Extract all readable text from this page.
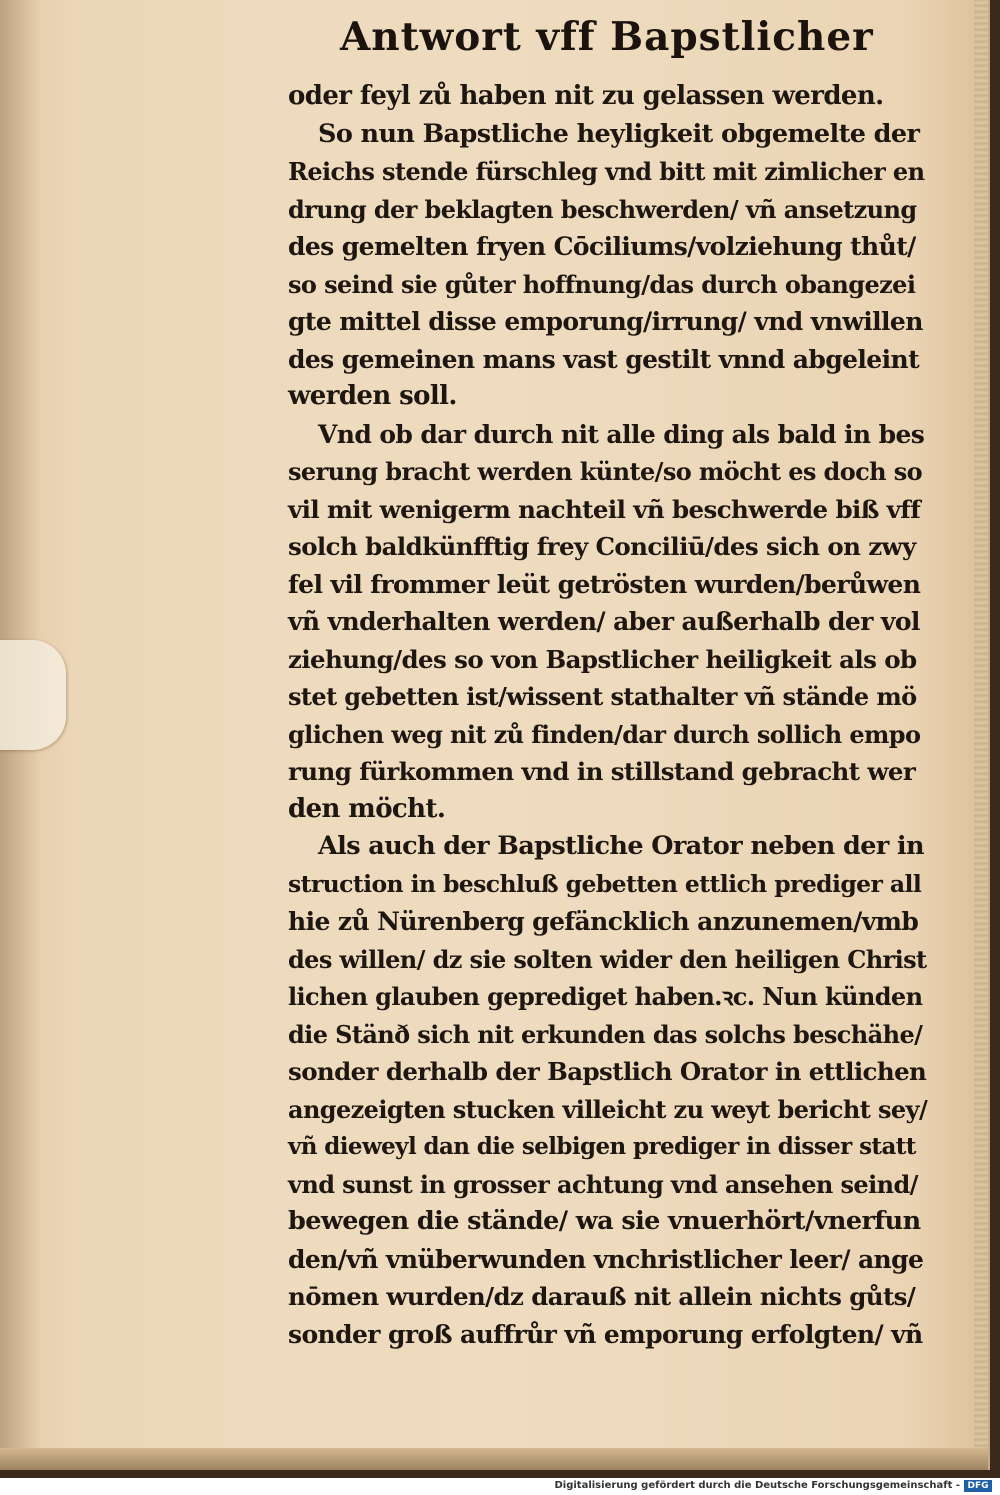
Antwort vff Bapstlicher
oder feyl zů haben nit zu gelassen werden.
So nun Bapstliche heyligkeit obgemelte der
Reichs stende fürschleg vnd bitt mit zimlicher en
drung der beklagten beschwerden/ vñ ansetzung
des gemelten fryen Cōciliums/volziehung thůt/
so seind sie gůter hoffnung/das durch obangezei
gte mittel disse emporung/irrung/ vnd vnwillen
des gemeinen mans vast gestilt vnnd abgeleint
werden soll.
Vnd ob dar durch nit alle ding als bald in bes
serung bracht werden künte/so möcht es doch so
vil mit wenigerm nachteil vñ beschwerde biß vff
solch baldkünfftig frey Conciliū/des sich on zwy
fel vil frommer leüt getrösten wurden/berůwen
vñ vnderhalten werden/ aber außerhalb der vol
ziehung/des so von Bapstlicher heiligkeit als ob
stet gebetten ist/wissent stathalter vñ stände mö
glichen weg nit zů finden/dar durch sollich empo
rung fürkommen vnd in stillstand gebracht wer
den möcht.
Als auch der Bapstliche Orator neben der in
struction in beschluß gebetten ettlich prediger all
hie zů Nürenberg gefäncklich anzunemen/vmb
des willen/ dz sie solten wider den heiligen Christ
lichen glauben geprediget haben.ꝛc. Nun künden
die Stänð sich nit erkunden das solchs beschähe/
sonder derhalb der Bapstlich Orator in ettlichen
angezeigten stucken villeicht zu weyt bericht sey/
vñ dieweyl dan die selbigen prediger in disser statt
vnd sunst in grosser achtung vnd ansehen seind/
bewegen die stände/ wa sie vnuerhört/vnerfun
den/vñ vnüberwunden vnchristlicher leer/ ange
nōmen wurden/dz darauß nit allein nichts gůts/
sonder groß auffrůr vñ emporung erfolgten/ vñ
Digitalisierung gefördert durch die Deutsche Forschungsgemeinschaft - DFG
